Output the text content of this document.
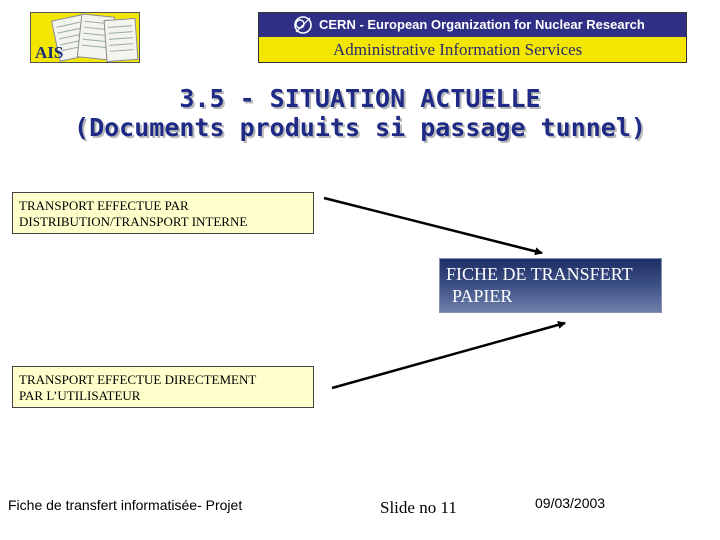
AIS
CERN - European Organization for Nuclear Research
Administrative Information Services
3.5 - SITUATION ACTUELLE
(Documents produits si passage tunnel)
TRANSPORT EFFECTUE PAR
DISTRIBUTION/TRANSPORT INTERNE
FICHE DE TRANSFERT
PAPIER
TRANSPORT EFFECTUE DIRECTEMENT
PAR L’UTILISATEUR
Fiche de transfert informatisée- Projet	Slide no 11	09/03/2003
